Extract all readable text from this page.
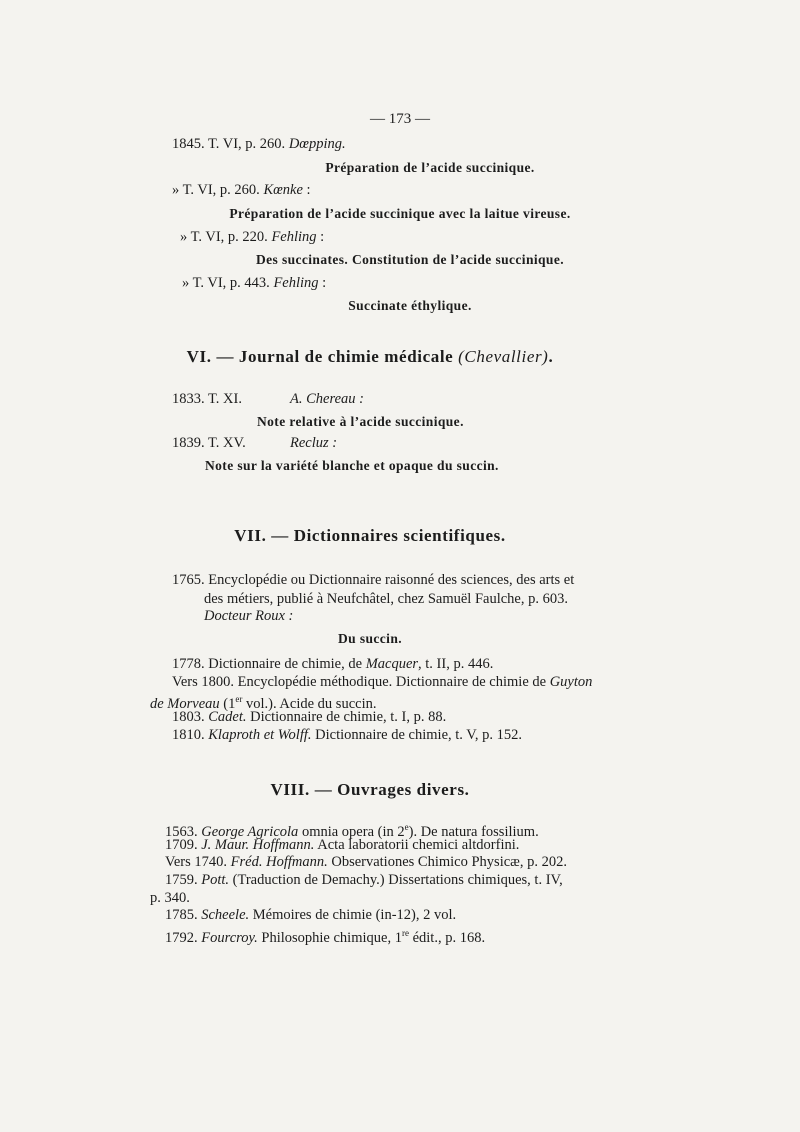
— 173 —
1845. T. VI, p. 260. Dœpping.
Préparation de l’acide succinique.
» T. VI, p. 260. Kœnke :
Préparation de l’acide succinique avec la laitue vireuse.
» T. VI, p. 220. Fehling :
Des succinates. Constitution de l’acide succinique.
» T. VI, p. 443. Fehling :
Succinate éthylique.
VI. — Journal de chimie médicale (Chevallier).
1833. T. XI.	A. Chereau :
Note relative à l’acide succinique.
1839. T. XV.	Recluz :
Note sur la variété blanche et opaque du succin.
VII. — Dictionnaires scientifiques.
1765. Encyclopédie ou Dictionnaire raisonné des sciences, des arts et
des métiers, publié à Neufchâtel, chez Samuël Faulche, p. 603.
Docteur Roux :
Du succin.
1778. Dictionnaire de chimie, de Macquer, t. II, p. 446.
Vers 1800. Encyclopédie méthodique. Dictionnaire de chimie de Guyton
de Morveau (1er vol.). Acide du succin.
1803. Cadet. Dictionnaire de chimie, t. I, p. 88.
1810. Klaproth et Wolff. Dictionnaire de chimie, t. V, p. 152.
VIII. — Ouvrages divers.
1563. George Agricola omnia opera (in 2e). De natura fossilium.
1709. J. Maur. Hoffmann. Acta laboratorii chemici altdorfini.
Vers 1740. Fréd. Hoffmann. Observationes Chimico Physicæ, p. 202.
1759. Pott. (Traduction de Demachy.) Dissertations chimiques, t. IV,
p. 340.
1785. Scheele. Mémoires de chimie (in-12), 2 vol.
1792. Fourcroy. Philosophie chimique, 1re édit., p. 168.
